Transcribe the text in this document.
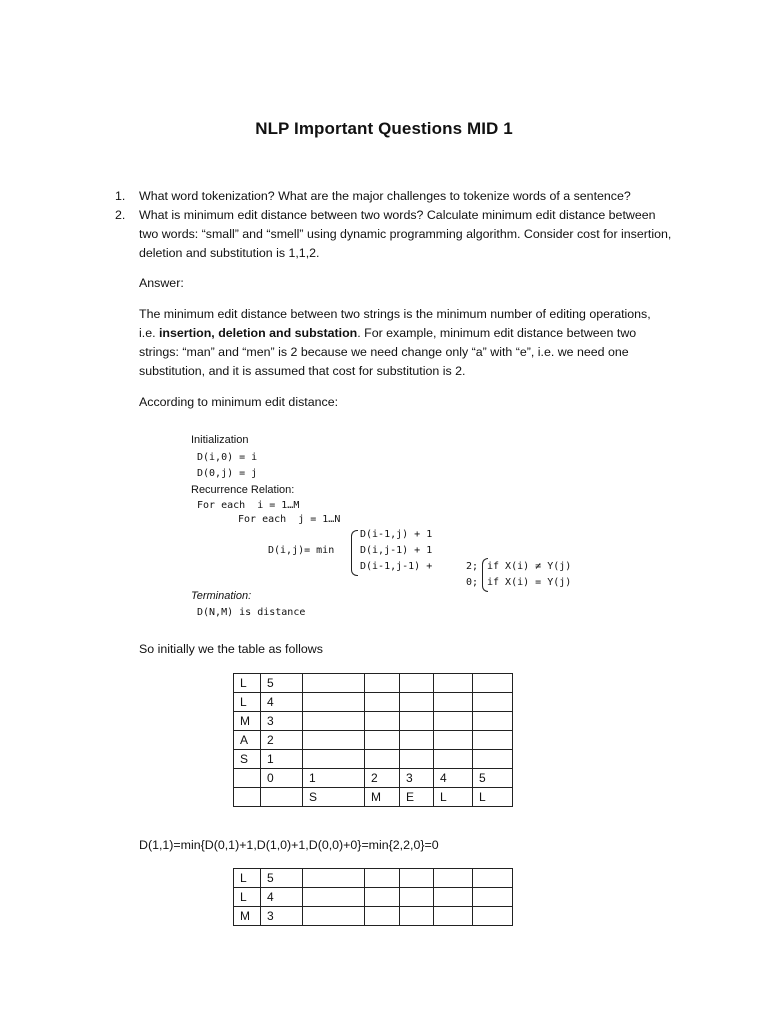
NLP Important Questions MID 1
1.	What word tokenization? What are the major challenges to tokenize words of a sentence?
2.	What is minimum edit distance between two words? Calculate minimum edit distance between two words: “small” and “smell” using dynamic programming algorithm. Consider cost for insertion, deletion and substitution is 1,1,2.
Answer:
The minimum edit distance between two strings is the minimum number of editing operations, i.e. insertion, deletion and substation. For example, minimum edit distance between two strings: “man” and “men” is 2 because we need change only “a” with “e”, i.e. we need one substitution, and it is assumed that cost for substitution is 2.
According to minimum edit distance:
Initialization
D(i,0) = i
D(0,j) = j
Recurrence Relation:
For each  i = 1…M
For each  j = 1…N
D(i,j)= min
D(i-1,j) + 1
D(i,j-1) + 1
D(i-1,j-1) +	2;
0;
if X(i) ≠ Y(j)
if X(i) = Y(j)
Termination:
D(N,M) is distance
So initially we the table as follows
L	5					
L	4					
M	3					
A	2					
S	1					
	0	1	2	3	4	5
		S	M	E	L	L
D(1,1)=min{D(0,1)+1,D(1,0)+1,D(0,0)+0}=min{2,2,0}=0
L	5					
L	4					
M	3					
